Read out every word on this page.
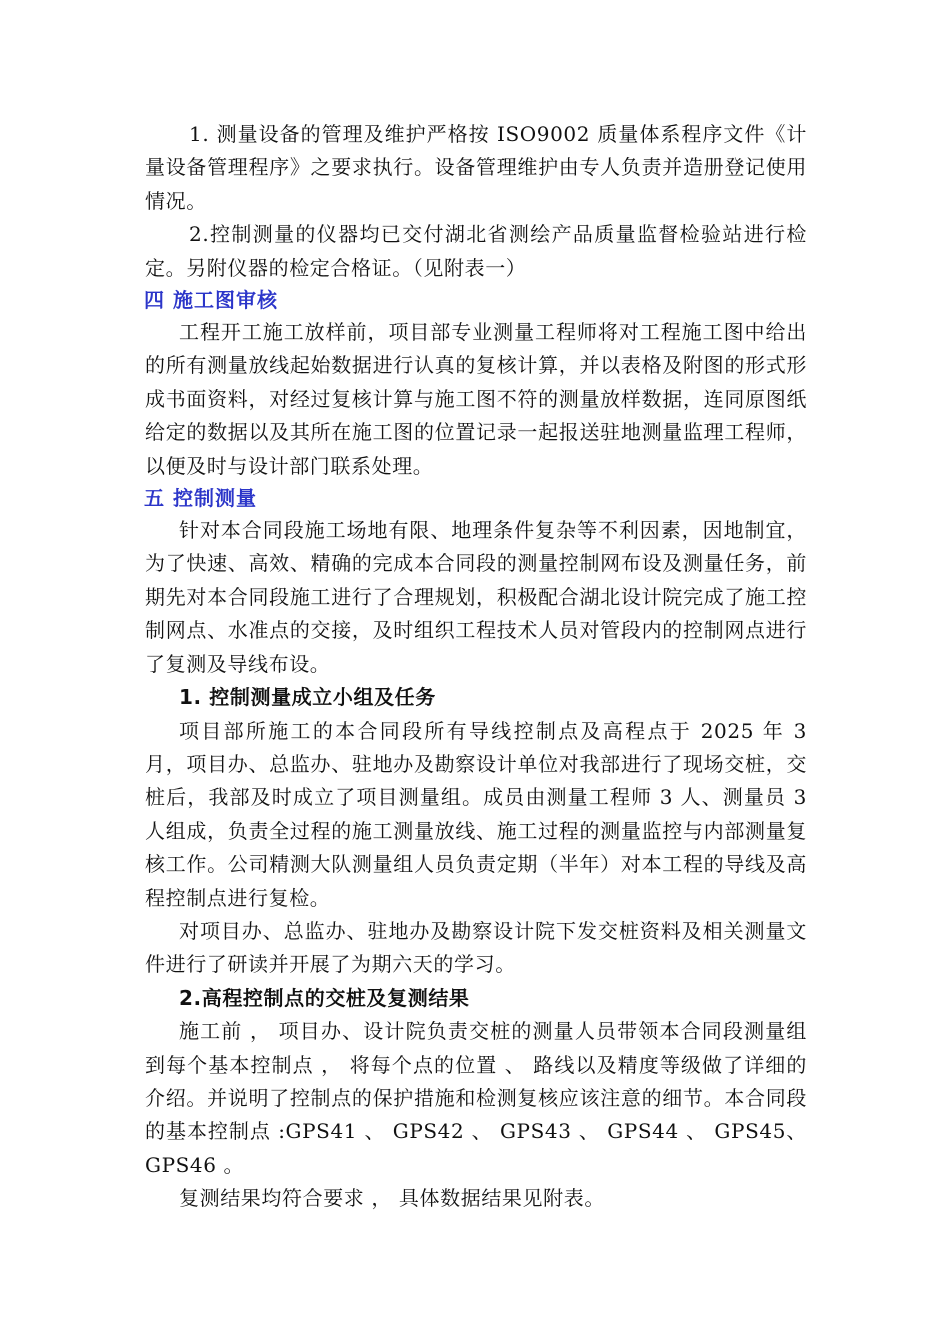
1. 测量设备的管理及维护严格按 ISO9002 质量体系程序文件《计量设备管理程序》之要求执行。设备管理维护由专人负责并造册登记使用情况。

2.控制测量的仪器均已交付湖北省测绘产品质量监督检验站进行检定。另附仪器的检定合格证。（见附表一）

四 施工图审核

工程开工施工放样前，项目部专业测量工程师将对工程施工图中给出的所有测量放线起始数据进行认真的复核计算，并以表格及附图的形式形成书面资料，对经过复核计算与施工图不符的测量放样数据，连同原图纸给定的数据以及其所在施工图的位置记录一起报送驻地测量监理工程师，以便及时与设计部门联系处理。

五 控制测量

针对本合同段施工场地有限、地理条件复杂等不利因素，因地制宜，为了快速、高效、精确的完成本合同段的测量控制网布设及测量任务，前期先对本合同段施工进行了合理规划，积极配合湖北设计院完成了施工控制网点、水准点的交接，及时组织工程技术人员对管段内的控制网点进行了复测及导线布设。

1. 控制测量成立小组及任务

项目部所施工的本合同段所有导线控制点及高程点于 2025 年 3 月，项目办、总监办、驻地办及勘察设计单位对我部进行了现场交桩，交桩后，我部及时成立了项目测量组。成员由测量工程师 3 人、测量员 3 人组成，负责全过程的施工测量放线、施工过程的测量监控与内部测量复核工作。公司精测大队测量组人员负责定期（半年）对本工程的导线及高程控制点进行复检。

对项目办、总监办、驻地办及勘察设计院下发交桩资料及相关测量文件进行了研读并开展了为期六天的学习。

2.高程控制点的交桩及复测结果

施工前 ， 项目办、设计院负责交桩的测量人员带领本合同段测量组到每个基本控制点 ， 将每个点的位置 、 路线以及精度等级做了详细的介绍。并说明了控制点的保护措施和检测复核应该注意的细节。本合同段的基本控制点 :GPS41 、 GPS42 、 GPS43 、 GPS44 、 GPS45、GPS46 。

复测结果均符合要求 ， 具体数据结果见附表。
